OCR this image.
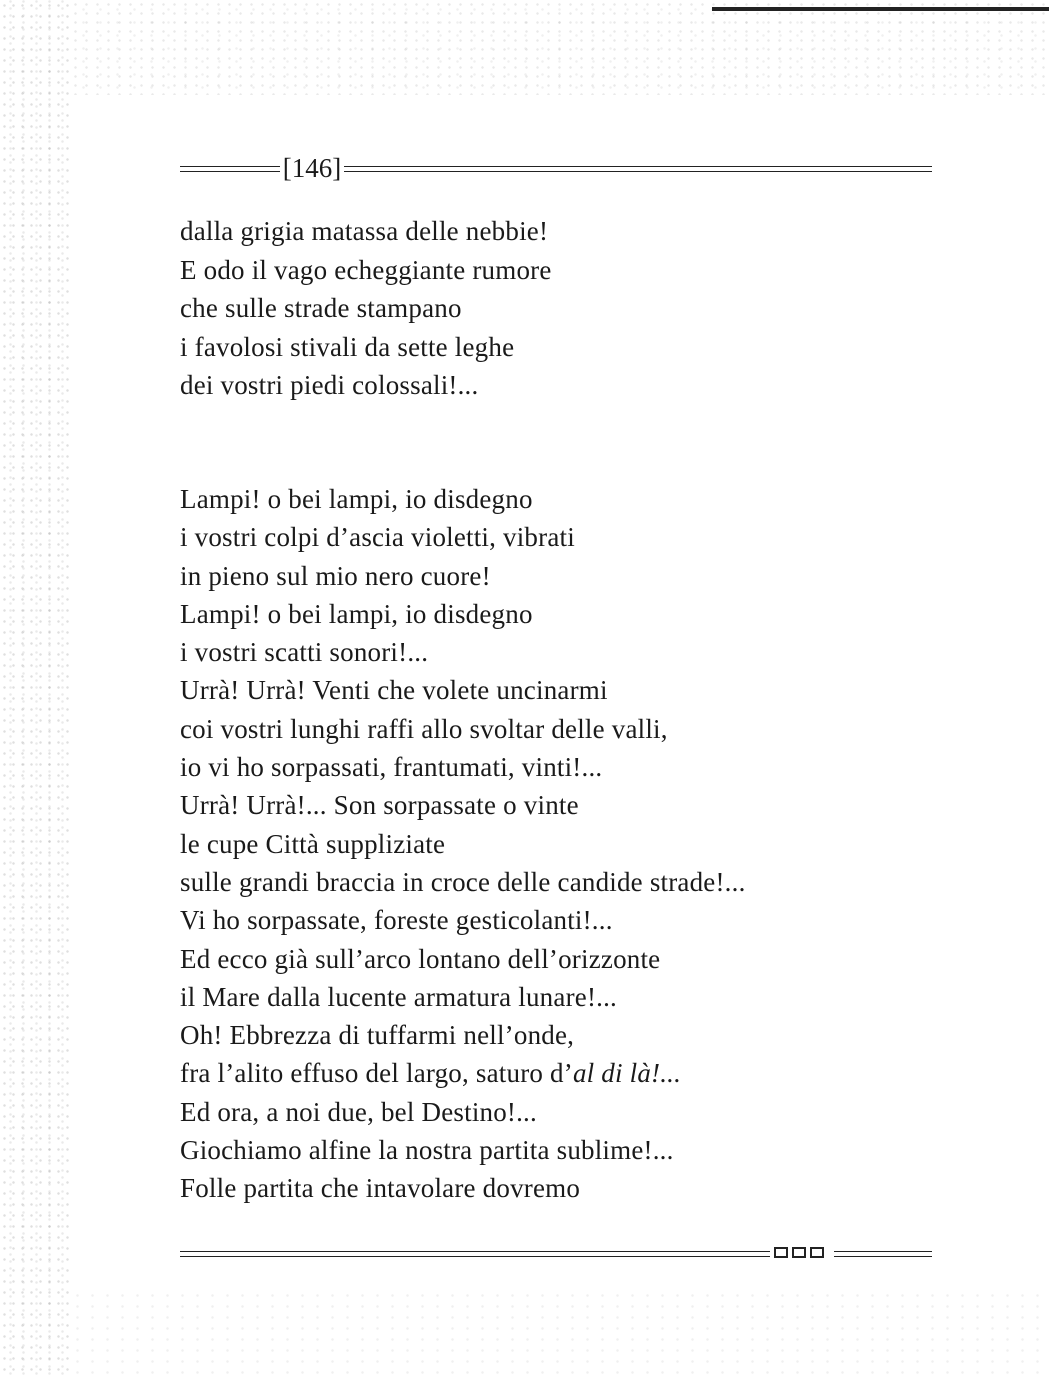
[146]
dalla grigia matassa delle nebbie!
E odo il vago echeggiante rumore
che sulle strade stampano
i favolosi stivali da sette leghe
dei vostri piedi colossali!...
Lampi! o bei lampi, io disdegno
i vostri colpi d’ascia violetti, vibrati
in pieno sul mio nero cuore!
Lampi! o bei lampi, io disdegno
i vostri scatti sonori!...
Urrà! Urrà! Venti che volete uncinarmi
coi vostri lunghi raffi allo svoltar delle valli,
io vi ho sorpassati, frantumati, vinti!...
Urrà! Urrà!... Son sorpassate o vinte
le cupe Città suppliziate
sulle grandi braccia in croce delle candide strade!...
Vi ho sorpassate, foreste gesticolanti!...
Ed ecco già sull’arco lontano dell’orizzonte
il Mare dalla lucente armatura lunare!...
Oh! Ebbrezza di tuffarmi nell’onde,
fra l’alito effuso del largo, saturo d’al di là!...
Ed ora, a noi due, bel Destino!...
Giochiamo alfine la nostra partita sublime!...
Folle partita che intavolare dovremo
